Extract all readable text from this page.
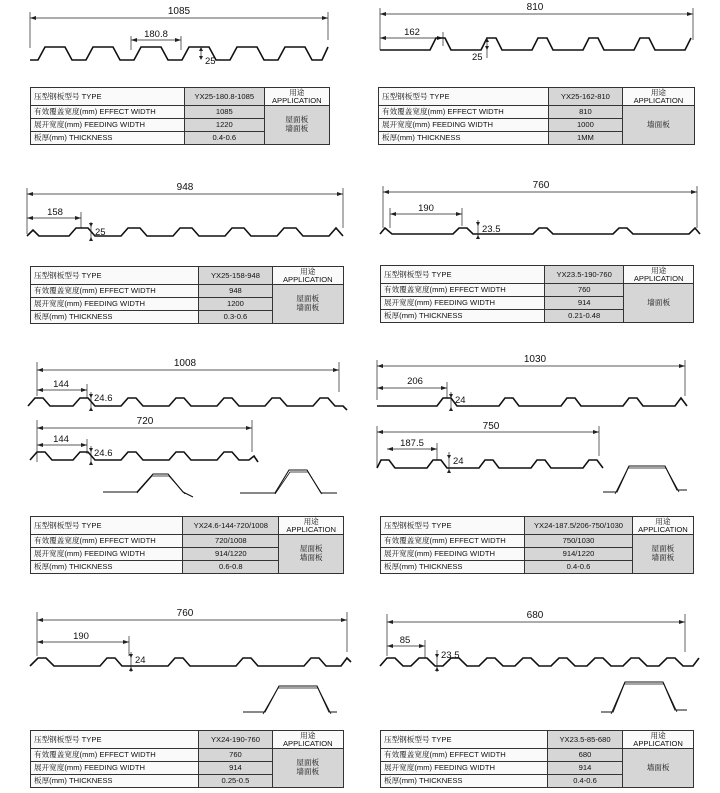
1085
180.8
25
压型钢板型号 TYPE	YX25-180.8-1085	用途
APPLICATION
有效覆盖宽度(mm) EFFECT WIDTH	1085	屋面板
墙面板
展开宽度(mm) FEEDING WIDTH	1220	
板厚(mm) THICKNESS	0.4-0.6	
810
162
25
压型钢板型号 TYPE	YX25-162-810	用途
APPLICATION
有效覆盖宽度(mm) EFFECT WIDTH	810	墙面板
展开宽度(mm) FEEDING WIDTH	1000	
板厚(mm) THICKNESS	1MM	
948
158
25
压型钢板型号 TYPE	YX25-158-948	用途
APPLICATION
有效覆盖宽度(mm) EFFECT WIDTH	948	屋面板
墙面板
展开宽度(mm) FEEDING WIDTH	1200	
板厚(mm) THICKNESS	0.3-0.6	
760
190
23.5
压型钢板型号 TYPE	YX23.5-190-760	用途
APPLICATION
有效覆盖宽度(mm) EFFECT WIDTH	760	墙面板
展开宽度(mm) FEEDING WIDTH	914	
板厚(mm) THICKNESS	0.21-0.48	
1008
144
24.6
720
144
24.6
压型钢板型号 TYPE	YX24.6-144-720/1008	用途
APPLICATION
有效覆盖宽度(mm) EFFECT WIDTH	720/1008	屋面板
墙面板
展开宽度(mm) FEEDING WIDTH	914/1220	
板厚(mm) THICKNESS	0.6-0.8	
1030
206
24
750
187.5
24
压型钢板型号 TYPE	YX24-187.5/206-750/1030	用途
APPLICATION
有效覆盖宽度(mm) EFFECT WIDTH	750/1030	屋面板
墙面板
展开宽度(mm) FEEDING WIDTH	914/1220	
板厚(mm) THICKNESS	0.4-0.6	
760
190
24
压型钢板型号 TYPE	YX24-190-760	用途
APPLICATION
有效覆盖宽度(mm) EFFECT WIDTH	760	屋面板
墙面板
展开宽度(mm) FEEDING WIDTH	914	
板厚(mm) THICKNESS	0.25-0.5	
680
85
23.5
压型钢板型号 TYPE	YX23.5-85-680	用途
APPLICATION
有效覆盖宽度(mm) EFFECT WIDTH	680	墙面板
展开宽度(mm) FEEDING WIDTH	914	
板厚(mm) THICKNESS	0.4-0.6	
